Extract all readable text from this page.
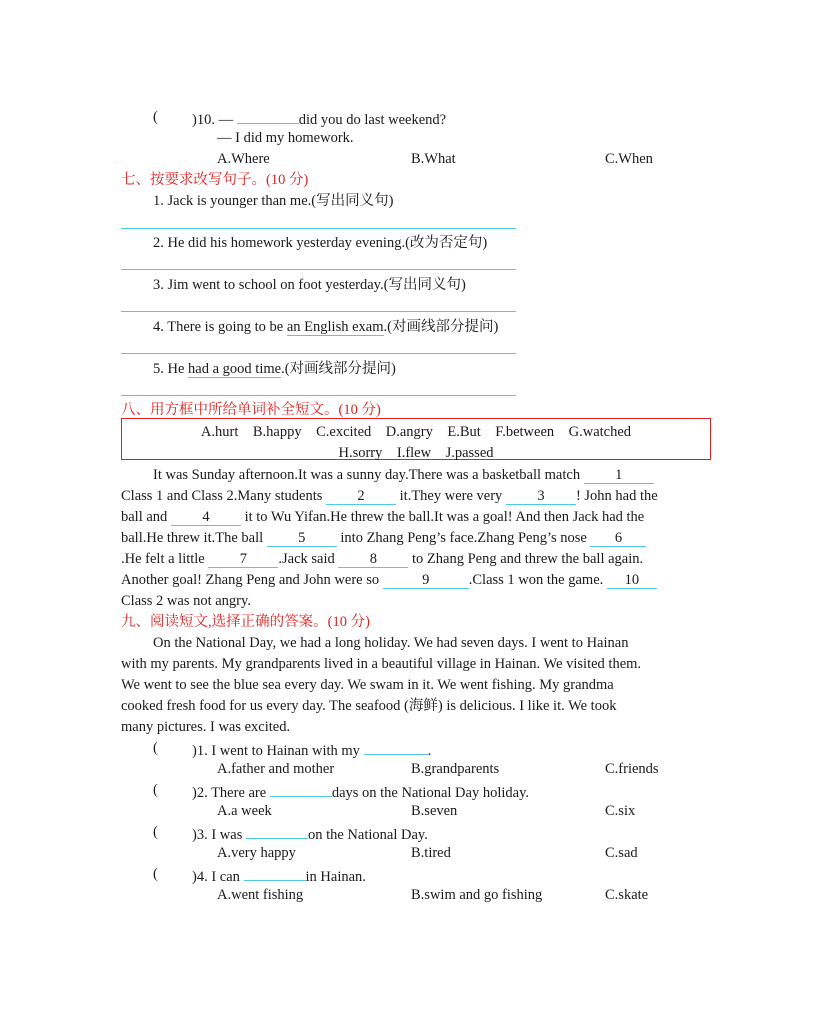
( )10. —	did you do last weekend?
— I did my homework.
A.Where	B.What	C.When
七、按要求改写句子。(10 分)
1. Jack is younger than me.(写出同义句)
2. He did his homework yesterday evening.(改为否定句)
3. Jim went to school on foot yesterday.(写出同义句)
4. There is going to be an English exam.(对画线部分提问)
5. He had a good time.(对画线部分提问)
八、用方框中所给单词补全短文。(10 分)
A.hurt    B.happy    C.excited    D.angry    E.But    F.between    G.watched
H.sorry    I.flew    J.passed
It was Sunday afternoon.It was a sunny day.There was a basketball match 1
Class 1 and Class 2.Many students 2 it.They were very 3 ! John had the
ball and 4 it to Wu Yifan.He threw the ball.It was a goal! And then Jack had the
ball.He threw it.The ball 5 into Zhang Peng’s face.Zhang Peng’s nose 6
.He felt a little 7 .Jack said 8 to Zhang Peng and threw the ball again.
Another goal! Zhang Peng and John were so	9	.Class 1 won the game. 10
Class 2 was not angry.
九、阅读短文,选择正确的答案。(10 分)
On the National Day, we had a long holiday. We had seven days. I went to Hainan
with my parents. My grandparents lived in a beautiful village in Hainan. We visited them.
We went to see the blue sea every day. We swam in it. We went fishing. My grandma
cooked fresh food for us every day. The seafood (海鲜) is delicious. I like it. We took
many pictures. I was excited.
( )1. I went to Hainan with my	.
A.father and mother	B.grandparents	C.friends
( )2. There are	days on the National Day holiday.
A.a week	B.seven	C.six
( )3. I was	on the National Day.
A.very happy	B.tired	C.sad
( )4. I can	in Hainan.
A.went fishing	B.swim and go fishing	C.skate
